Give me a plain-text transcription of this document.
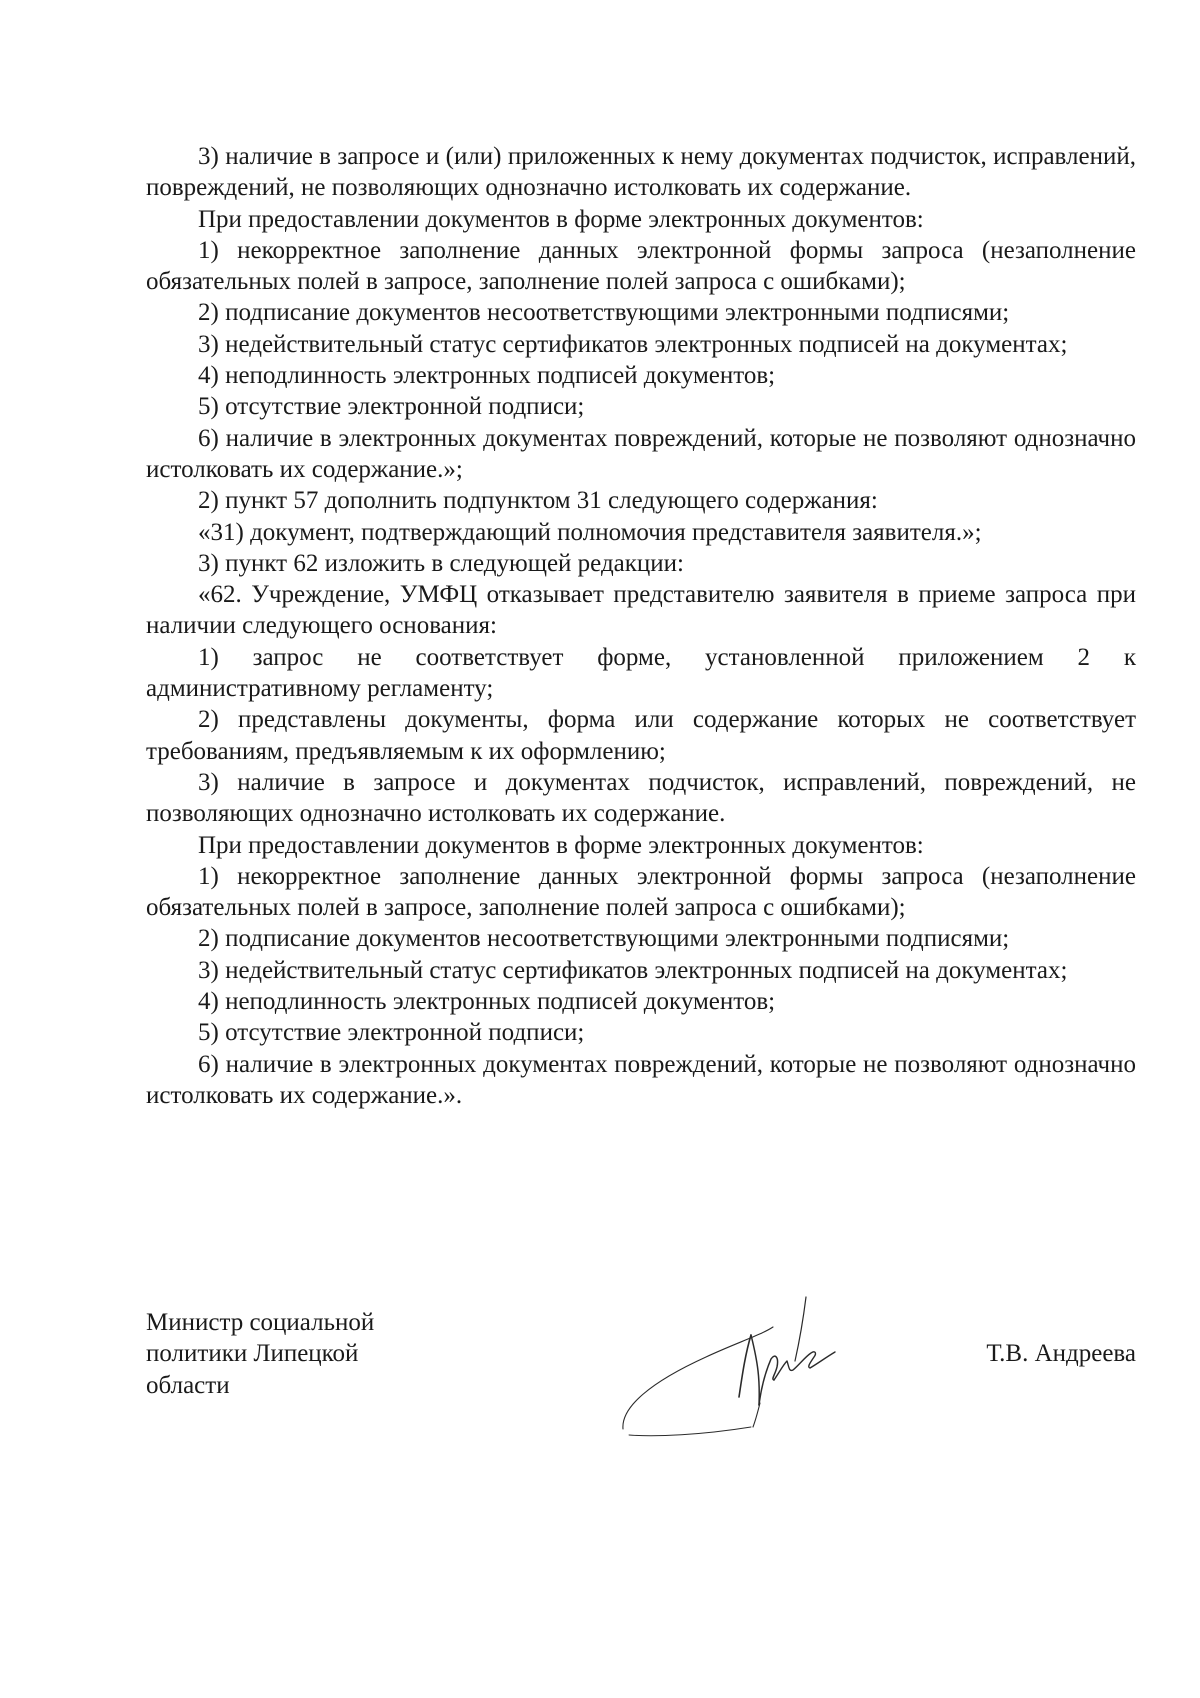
3) наличие в запросе и (или) приложенных к нему документах подчисток, исправлений, повреждений, не позволяющих однозначно истолковать их содержание.

При предоставлении документов в форме электронных документов:

1) некорректное заполнение данных электронной формы запроса (незаполнение обязательных полей в запросе, заполнение полей запроса с ошибками);

2) подписание документов несоответствующими электронными подписями;

3) недействительный статус сертификатов электронных подписей на документах;

4) неподлинность электронных подписей документов;

5) отсутствие электронной подписи;

6) наличие в электронных документах повреждений, которые не позволяют однозначно истолковать их содержание.»;

2) пункт 57 дополнить подпунктом 31 следующего содержания:

«31) документ, подтверждающий полномочия представителя заявителя.»;

3) пункт 62 изложить в следующей редакции:

«62. Учреждение, УМФЦ отказывает представителю заявителя в приеме запроса при наличии следующего основания:

1) запрос не соответствует форме, установленной приложением 2 к административному регламенту;

2) представлены документы, форма или содержание которых не соответствует требованиям, предъявляемым к их оформлению;

3) наличие в запросе и документах подчисток, исправлений, повреждений, не позволяющих однозначно истолковать их содержание.

При предоставлении документов в форме электронных документов:

1) некорректное заполнение данных электронной формы запроса (незаполнение обязательных полей в запросе, заполнение полей запроса с ошибками);

2) подписание документов несоответствующими электронными подписями;

3) недействительный статус сертификатов электронных подписей на документах;

4) неподлинность электронных подписей документов;

5) отсутствие электронной подписи;

6) наличие в электронных документах повреждений, которые не позволяют однозначно истолковать их содержание.».

Министр социальной
политики Липецкой
области
Т.В. Андреева
